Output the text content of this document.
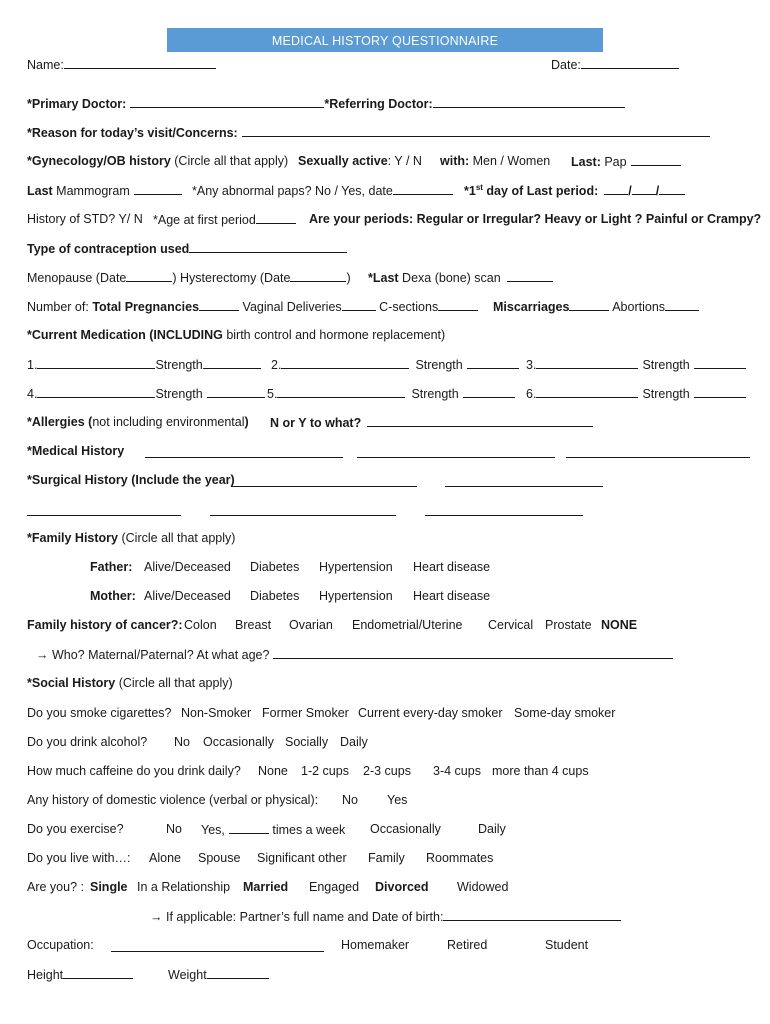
MEDICAL HISTORY QUESTIONNAIRE
Name:	Date:
*Primary Doctor:	*Referring Doctor:
*Reason for today’s visit/Concerns:
*Gynecology/OB history (Circle all that apply) Sexually active: Y / N with: Men / Women Last: Pap
Last Mammogram	*Any abnormal paps? No / Yes, date	*1st day of Last period: / /
History of STD? Y/ N *Age at first period	Are your periods: Regular or Irregular? Heavy or Light ? Painful or Crampy?
Type of contraception used
Menopause (Date	) Hysterectomy (Date	) *Last Dexa (bone) scan
Number of: Total Pregnancies	Vaginal Deliveries	C-sections	Miscarriages	Abortions
*Current Medication (INCLUDING birth control and hormone replacement)
1.	Strength	2.	Strength	3.	Strength
4.	Strength	5.	Strength	6.	Strength
*Allergies (not including environmental) N or Y to what?
*Medical History
*Surgical History (Include the year)
*Family History (Circle all that apply)
Father: Alive/Deceased Diabetes Hypertension Heart disease
Mother: Alive/Deceased Diabetes Hypertension Heart disease
Family history of cancer?: Colon Breast Ovarian Endometrial/Uterine Cervical Prostate NONE
→ Who? Maternal/Paternal? At what age?
*Social History (Circle all that apply)
Do you smoke cigarettes? Non-Smoker Former Smoker Current every-day smoker Some-day smoker
Do you drink alcohol? No Occasionally Socially Daily
How much caffeine do you drink daily? None 1-2 cups 2-3 cups 3-4 cups more than 4 cups
Any history of domestic violence (verbal or physical): No Yes
Do you exercise?	No Yes,	times a week Occasionally	Daily
Do you live with…: Alone Spouse Significant other Family Roommates
Are you? : Single In a Relationship Married Engaged Divorced Widowed
→ If applicable: Partner’s full name and Date of birth:
Occupation:	Homemaker	Retired	Student
Height	Weight
